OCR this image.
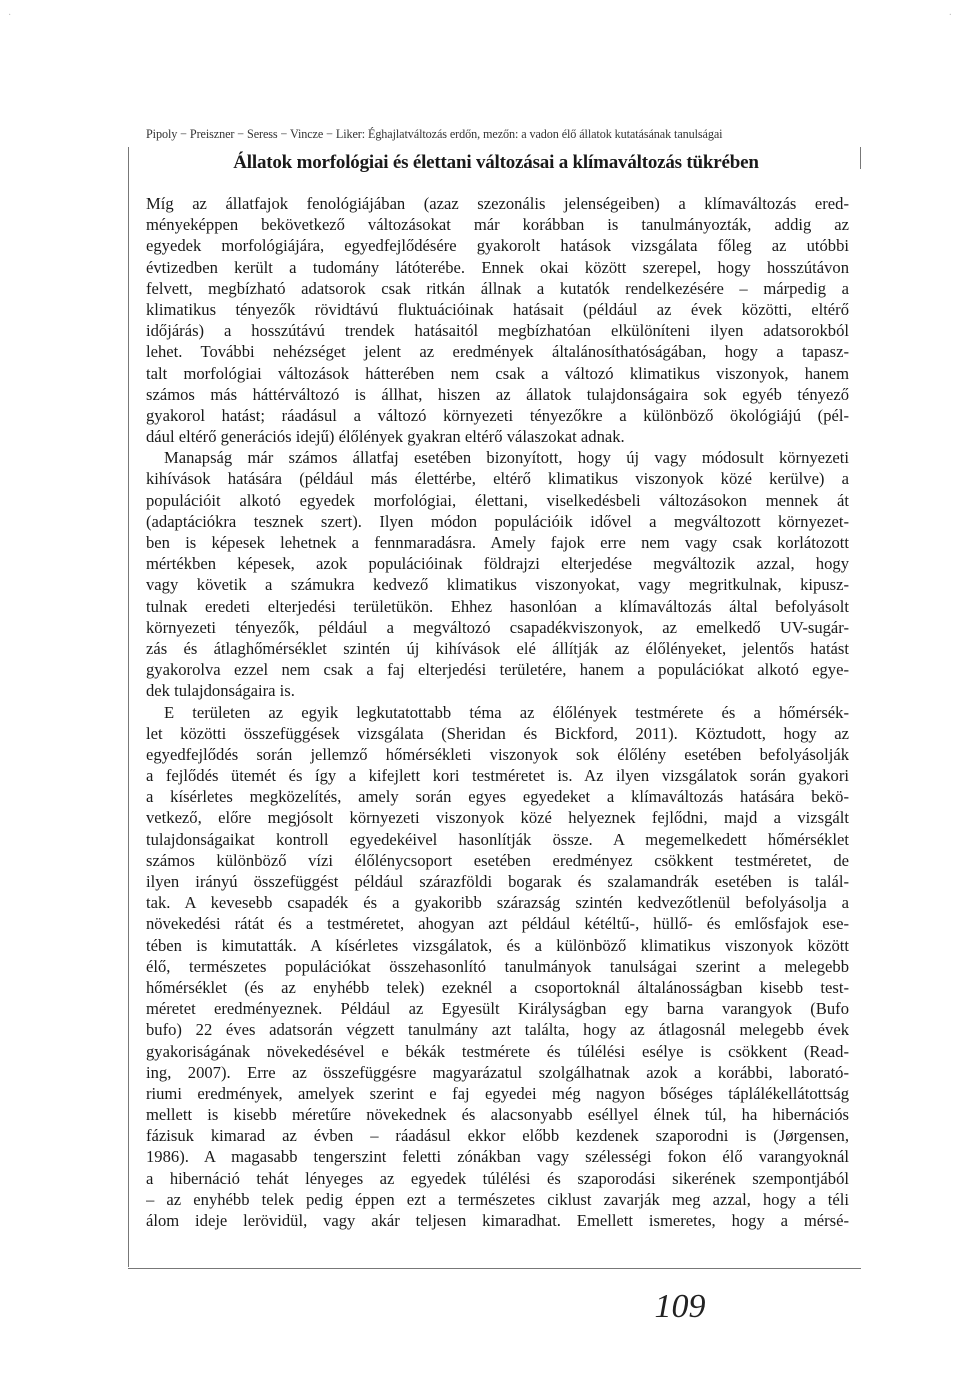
·	·
Pipoly − Preiszner − Seress − Vincze − Liker: Éghajlatváltozás erdőn, mezőn: a vadon élő állatok kutatásának tanulságai
Állatok morfológiai és élettani változásai a klímaváltozás tükrében
Míg az állatfajok fenológiájában (azaz szezonális jelenségeiben) a klímaváltozás ered-
ményeképpen bekövetkező változásokat már korábban is tanulmányozták, addig az
egyedek morfológiájára, egyedfejlődésére gyakorolt hatások vizsgálata főleg az utóbbi
évtizedben került a tudomány látóterébe. Ennek okai között szerepel, hogy hosszútávon
felvett, megbízható adatsorok csak ritkán állnak a kutatók rendelkezésére – márpedig a
klimatikus tényezők rövidtávú fluktuációinak hatásait (például az évek közötti, eltérő
időjárás) a hosszútávú trendek hatásaitól megbízhatóan elkülöníteni ilyen adatsorokból
lehet. További nehézséget jelent az eredmények általánosíthatóságában, hogy a tapasz-
talt morfológiai változások hátterében nem csak a változó klimatikus viszonyok, hanem
számos más háttérváltozó is állhat, hiszen az állatok tulajdonságaira sok egyéb tényező
gyakorol hatást; ráadásul a változó környezeti tényezőkre a különböző ökológiájú (pél-
dául eltérő generációs idejű) élőlények gyakran eltérő válaszokat adnak.
Manapság már számos állatfaj esetében bizonyított, hogy új vagy módosult környezeti
kihívások hatására (például más élettérbe, eltérő klimatikus viszonyok közé kerülve) a
populációit alkotó egyedek morfológiai, élettani, viselkedésbeli változásokon mennek át
(adaptációkra tesznek szert). Ilyen módon populációik idővel a megváltozott környezet-
ben is képesek lehetnek a fennmaradásra. Amely fajok erre nem vagy csak korlátozott
mértékben képesek, azok populációinak földrajzi elterjedése megváltozik azzal, hogy
vagy követik a számukra kedvező klimatikus viszonyokat, vagy megritkulnak, kipusz-
tulnak eredeti elterjedési területükön. Ehhez hasonlóan a klímaváltozás által befolyásolt
környezeti tényezők, például a megváltozó csapadékviszonyok, az emelkedő UV-sugár-
zás és átlaghőmérséklet szintén új kihívások elé állítják az élőlényeket, jelentős hatást
gyakorolva ezzel nem csak a faj elterjedési területére, hanem a populációkat alkotó egye-
dek tulajdonságaira is.
E területen az egyik legkutatottabb téma az élőlények testmérete és a hőmérsék-
let közötti összefüggések vizsgálata (Sheridan és Bickford, 2011). Köztudott, hogy az
egyedfejlődés során jellemző hőmérsékleti viszonyok sok élőlény esetében befolyásolják
a fejlődés ütemét és így a kifejlett kori testméretet is. Az ilyen vizsgálatok során gyakori
a kísérletes megközelítés, amely során egyes egyedeket a klímaváltozás hatására bekö-
vetkező, előre megjósolt környezeti viszonyok közé helyeznek fejlődni, majd a vizsgált
tulajdonságaikat kontroll egyedekéivel hasonlítják össze. A megemelkedett hőmérséklet
számos különböző vízi élőlénycsoport esetében eredményez csökkent testméretet, de
ilyen irányú összefüggést például szárazföldi bogarak és szalamandrák esetében is talál-
tak. A kevesebb csapadék és a gyakoribb szárazság szintén kedvezőtlenül befolyásolja a
növekedési rátát és a testméretet, ahogyan azt például kétéltű-, hüllő- és emlősfajok ese-
tében is kimutatták. A kísérletes vizsgálatok, és a különböző klimatikus viszonyok között
élő, természetes populációkat összehasonlító tanulmányok tanulságai szerint a melegebb
hőmérséklet (és az enyhébb telek) ezeknél a csoportoknál általánosságban kisebb test-
méretet eredményeznek. Például az Egyesült Királyságban egy barna varangyok (Bufo
bufo) 22 éves adatsorán végzett tanulmány azt találta, hogy az átlagosnál melegebb évek
gyakoriságának növekedésével e békák testmérete és túlélési esélye is csökkent (Read-
ing, 2007). Erre az összefüggésre magyarázatul szolgálhatnak azok a korábbi, laborató-
riumi eredmények, amelyek szerint e faj egyedei még nagyon bőséges táplálékellátottság
mellett is kisebb méretűre növekednek és alacsonyabb eséllyel élnek túl, ha hibernációs
fázisuk kimarad az évben – ráadásul ekkor előbb kezdenek szaporodni is (Jørgensen,
1986). A magasabb tengerszint feletti zónákban vagy szélességi fokon élő varangyoknál
a hibernáció tehát lényeges az egyedek túlélési és szaporodási sikerének szempontjából
– az enyhébb telek pedig éppen ezt a természetes ciklust zavarják meg azzal, hogy a téli
álom ideje lerövidül, vagy akár teljesen kimaradhat. Emellett ismeretes, hogy a mérsé-
109
